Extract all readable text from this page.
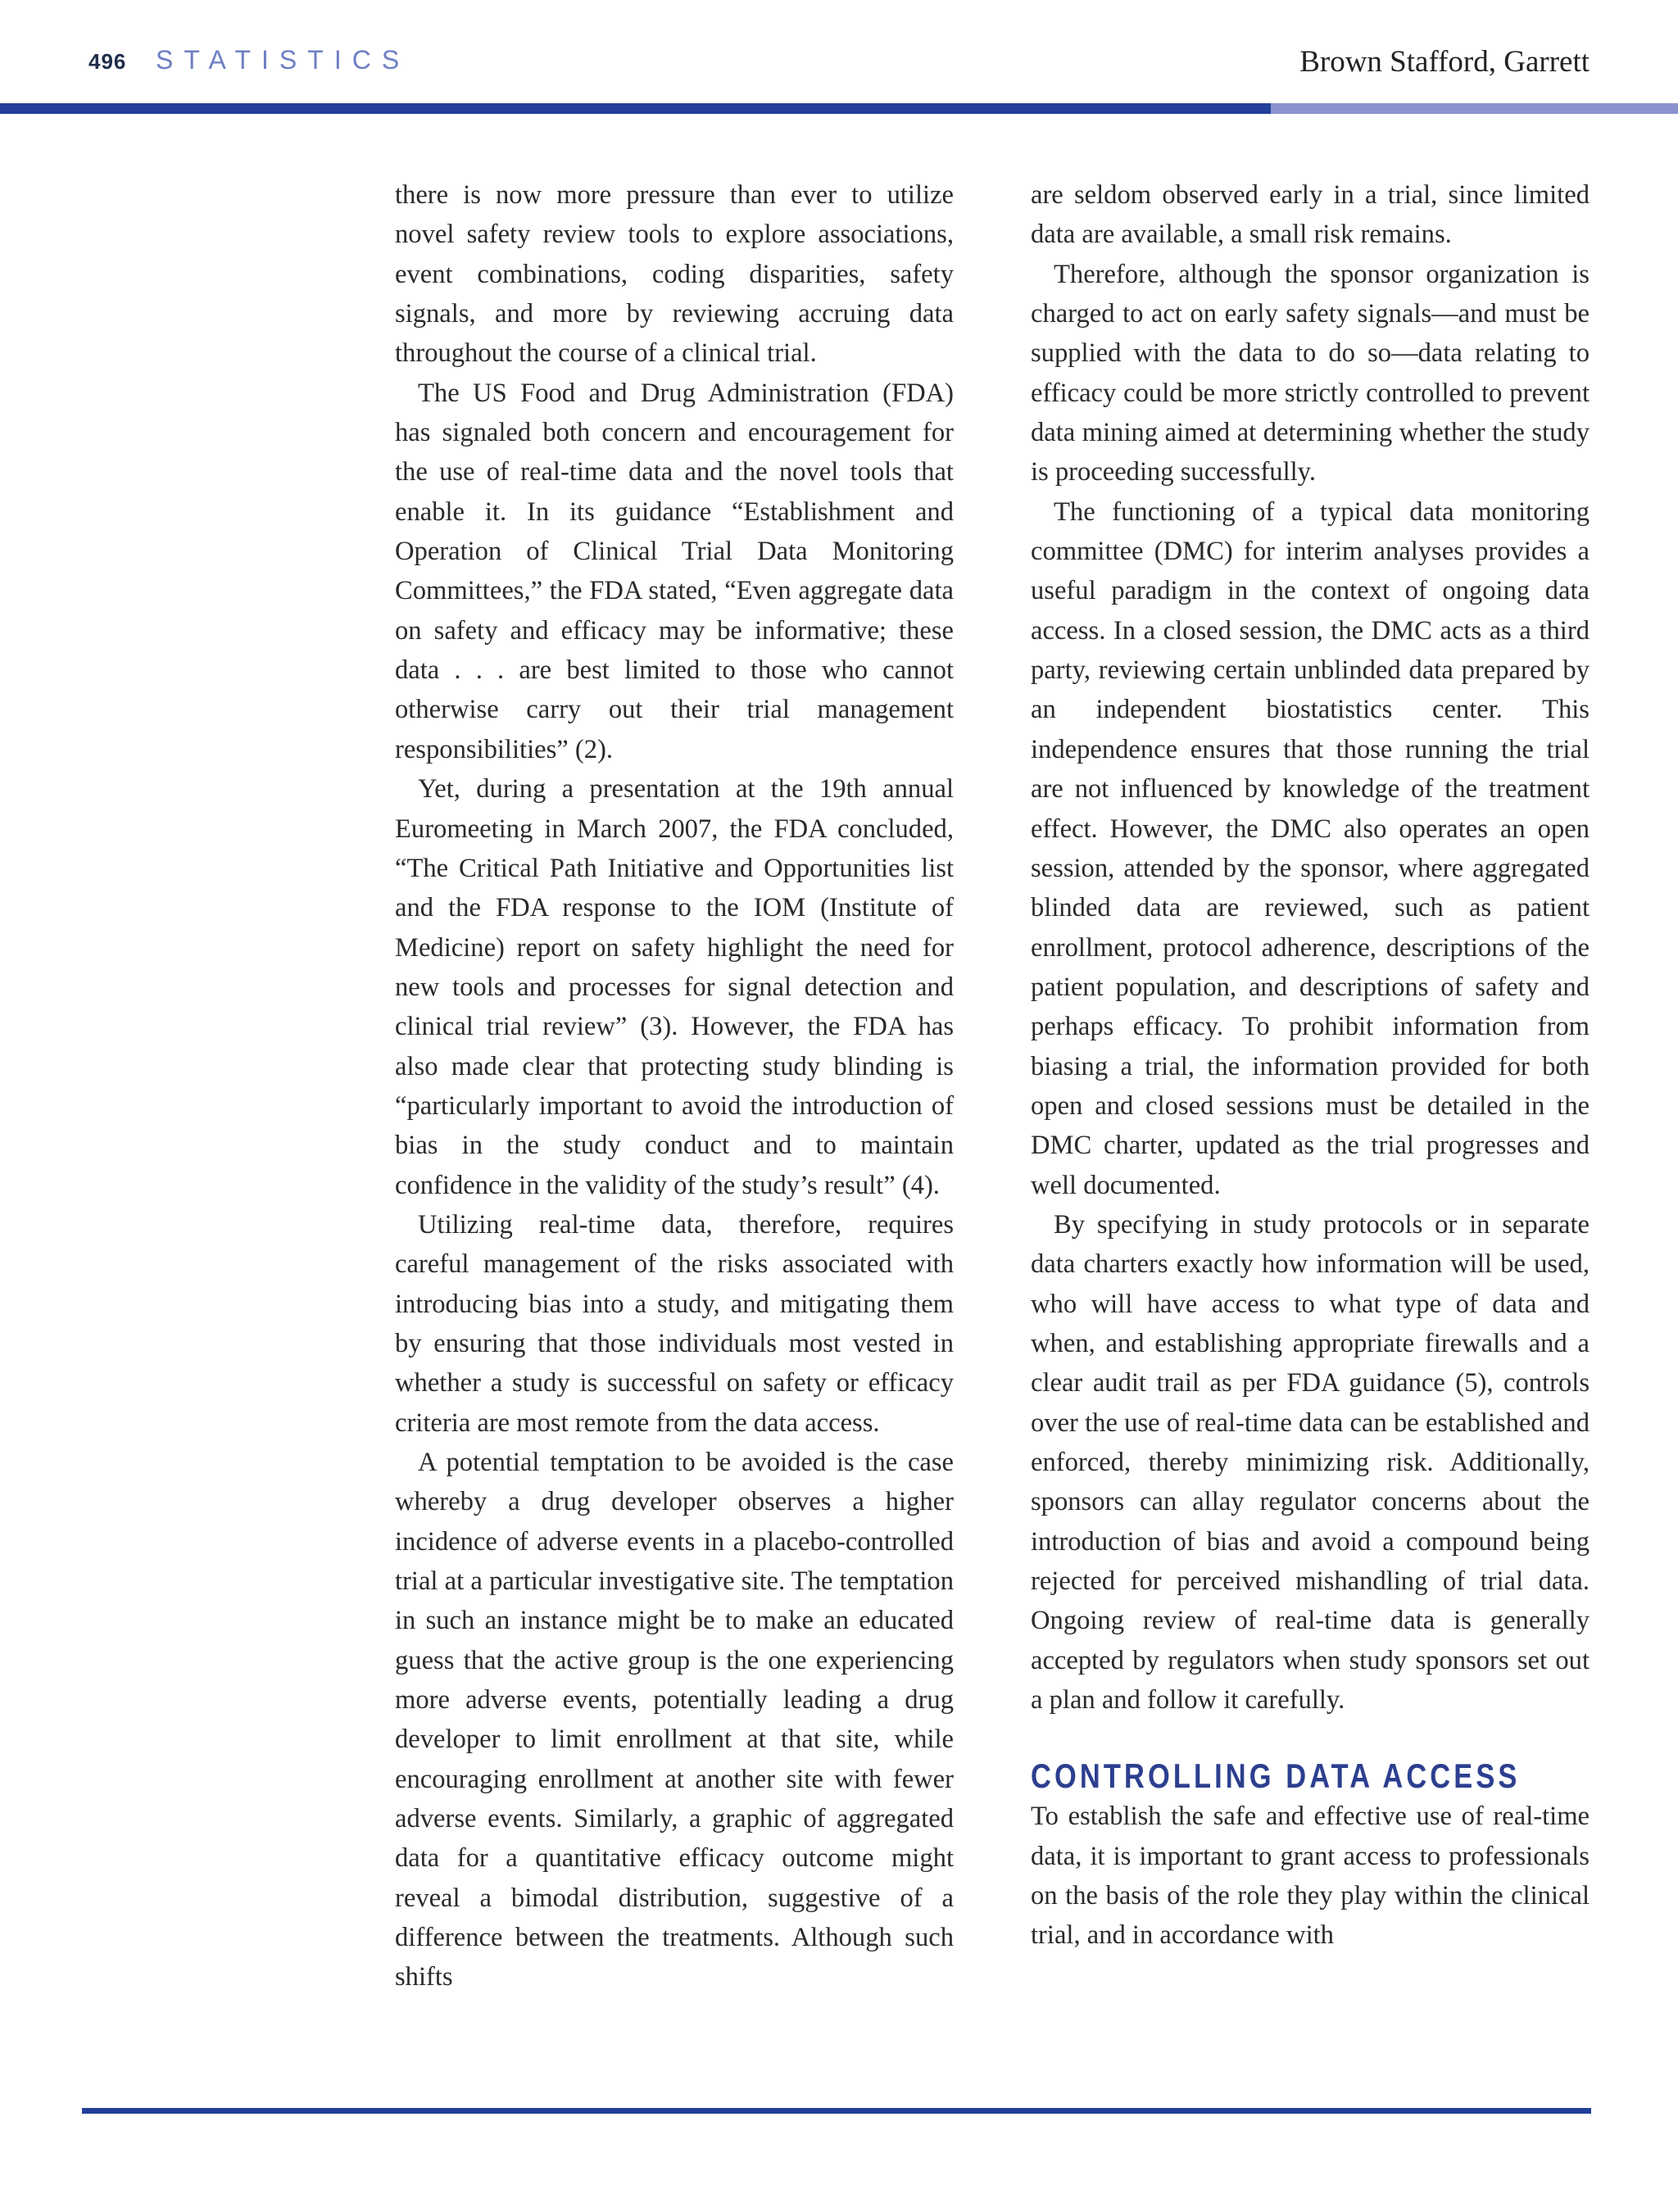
496 STATISTICS	Brown Stafford, Garrett

there is now more pressure than ever to utilize novel safety review tools to explore associations, event combinations, coding disparities, safety signals, and more by reviewing accruing data throughout the course of a clinical trial.

The US Food and Drug Administration (FDA) has signaled both concern and encouragement for the use of real-time data and the novel tools that enable it. In its guidance “Establishment and Operation of Clinical Trial Data Monitoring Committees,” the FDA stated, “Even aggregate data on safety and efficacy may be informative; these data . . . are best limited to those who cannot otherwise carry out their trial management responsibilities” (2).

Yet, during a presentation at the 19th annual Euromeeting in March 2007, the FDA concluded, “The Critical Path Initiative and Opportunities list and the FDA response to the IOM (Institute of Medicine) report on safety highlight the need for new tools and processes for signal detection and clinical trial review” (3). However, the FDA has also made clear that protecting study blinding is “particularly important to avoid the introduction of bias in the study conduct and to maintain confidence in the validity of the study’s result” (4).

Utilizing real-time data, therefore, requires careful management of the risks associated with introducing bias into a study, and mitigating them by ensuring that those individuals most vested in whether a study is successful on safety or efficacy criteria are most remote from the data access.

A potential temptation to be avoided is the case whereby a drug developer observes a higher incidence of adverse events in a placebo-controlled trial at a particular investigative site. The temptation in such an instance might be to make an educated guess that the active group is the one experiencing more adverse events, potentially leading a drug developer to limit enrollment at that site, while encouraging enrollment at another site with fewer adverse events. Similarly, a graphic of aggregated data for a quantitative efficacy outcome might reveal a bimodal distribution, suggestive of a difference between the treatments. Although such shifts

are seldom observed early in a trial, since limited data are available, a small risk remains.

Therefore, although the sponsor organization is charged to act on early safety signals—and must be supplied with the data to do so—data relating to efficacy could be more strictly controlled to prevent data mining aimed at determining whether the study is proceeding successfully.

The functioning of a typical data monitoring committee (DMC) for interim analyses provides a useful paradigm in the context of ongoing data access. In a closed session, the DMC acts as a third party, reviewing certain unblinded data prepared by an independent biostatistics center. This independence ensures that those running the trial are not influenced by knowledge of the treatment effect. However, the DMC also operates an open session, attended by the sponsor, where aggregated blinded data are reviewed, such as patient enrollment, protocol adherence, descriptions of the patient population, and descriptions of safety and perhaps efficacy. To prohibit information from biasing a trial, the information provided for both open and closed sessions must be detailed in the DMC charter, updated as the trial progresses and well documented.

By specifying in study protocols or in separate data charters exactly how information will be used, who will have access to what type of data and when, and establishing appropriate firewalls and a clear audit trail as per FDA guidance (5), controls over the use of real-time data can be established and enforced, thereby minimizing risk. Additionally, sponsors can allay regulator concerns about the introduction of bias and avoid a compound being rejected for perceived mishandling of trial data. Ongoing review of real-time data is generally accepted by regulators when study sponsors set out a plan and follow it carefully.

CONTROLLING DATA ACCESS

To establish the safe and effective use of real-time data, it is important to grant access to professionals on the basis of the role they play within the clinical trial, and in accordance with
